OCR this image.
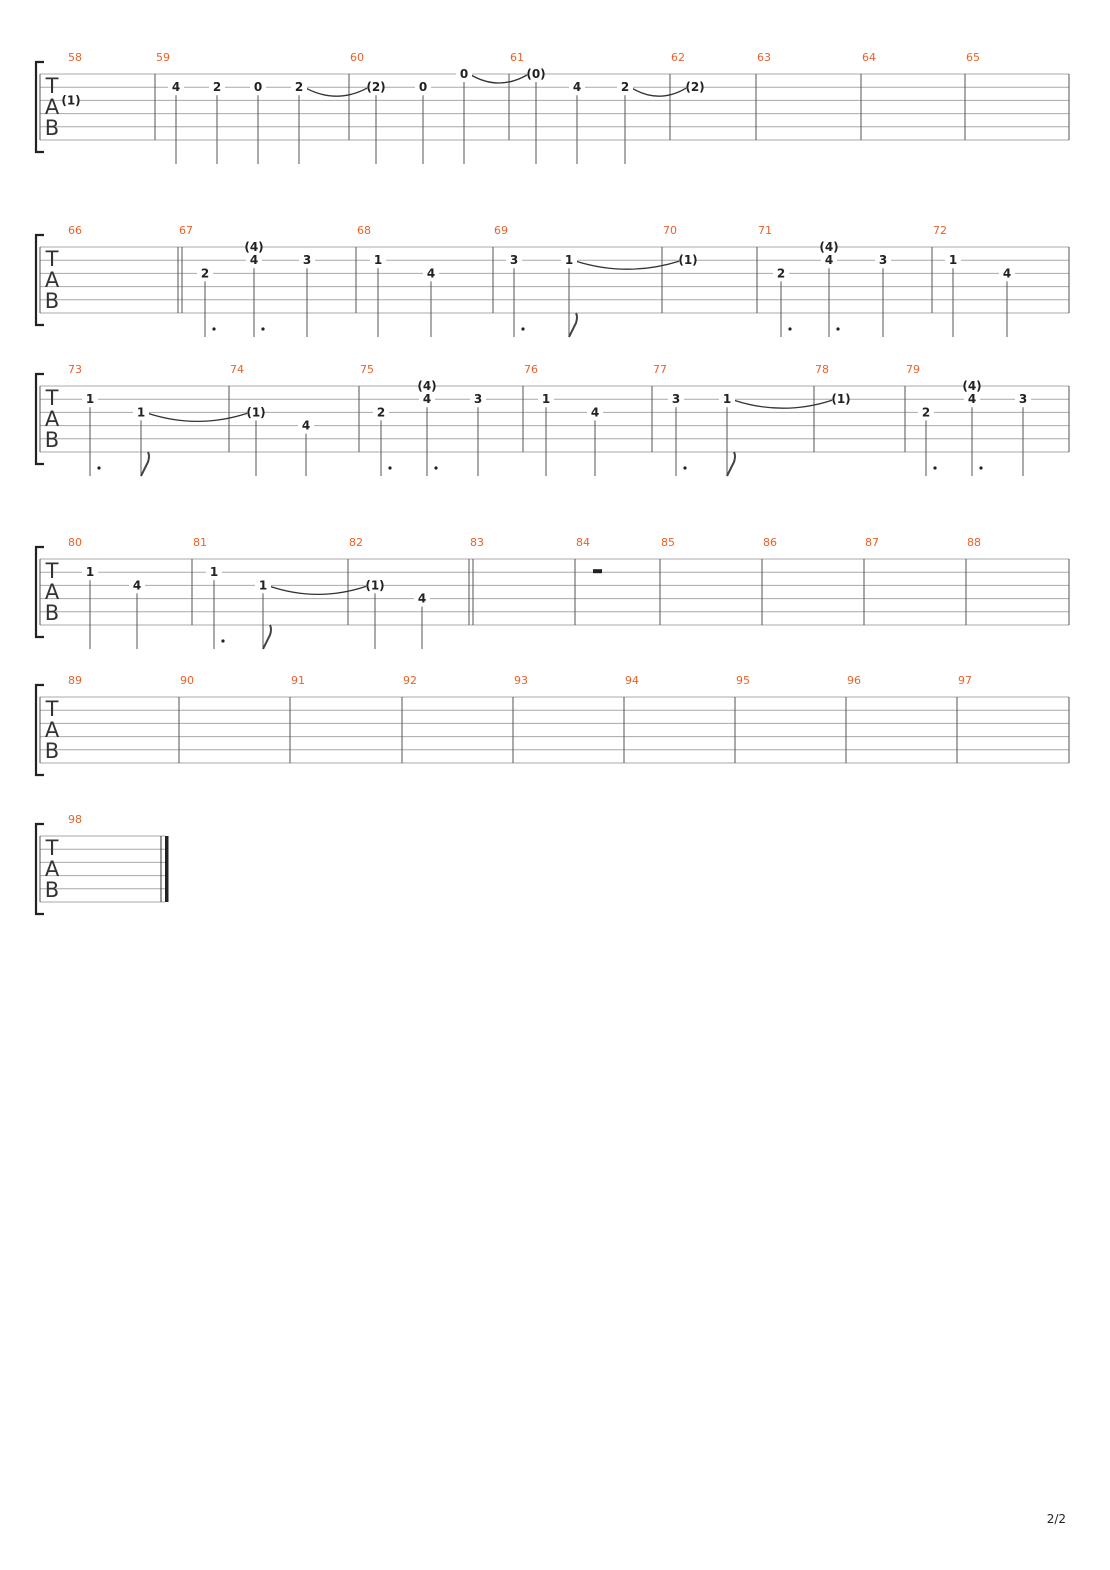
2/2
T
A
B
58	59	60	61	62	63	64	65
(1)
4	2	0	2	(2)	0
0	(0)
4	2	(2)
T
A
B
66	67	68	69	70	71	72
2
(4)
4	3	1
4
3	1	(1)
2
(4)
4	3	1
4
T
A
B
73	74	75	76	77	78	79
1
1	(1)
4
2
(4)
4	3	1
4
3	1	(1)
2
(4)
4	3
T
A
B
80	81	82	83	84	85	86	87	88
1
4
1
1	(1)
4
T
A
B
89	90	91	92	93	94	95	96	97
T
A
B
98
